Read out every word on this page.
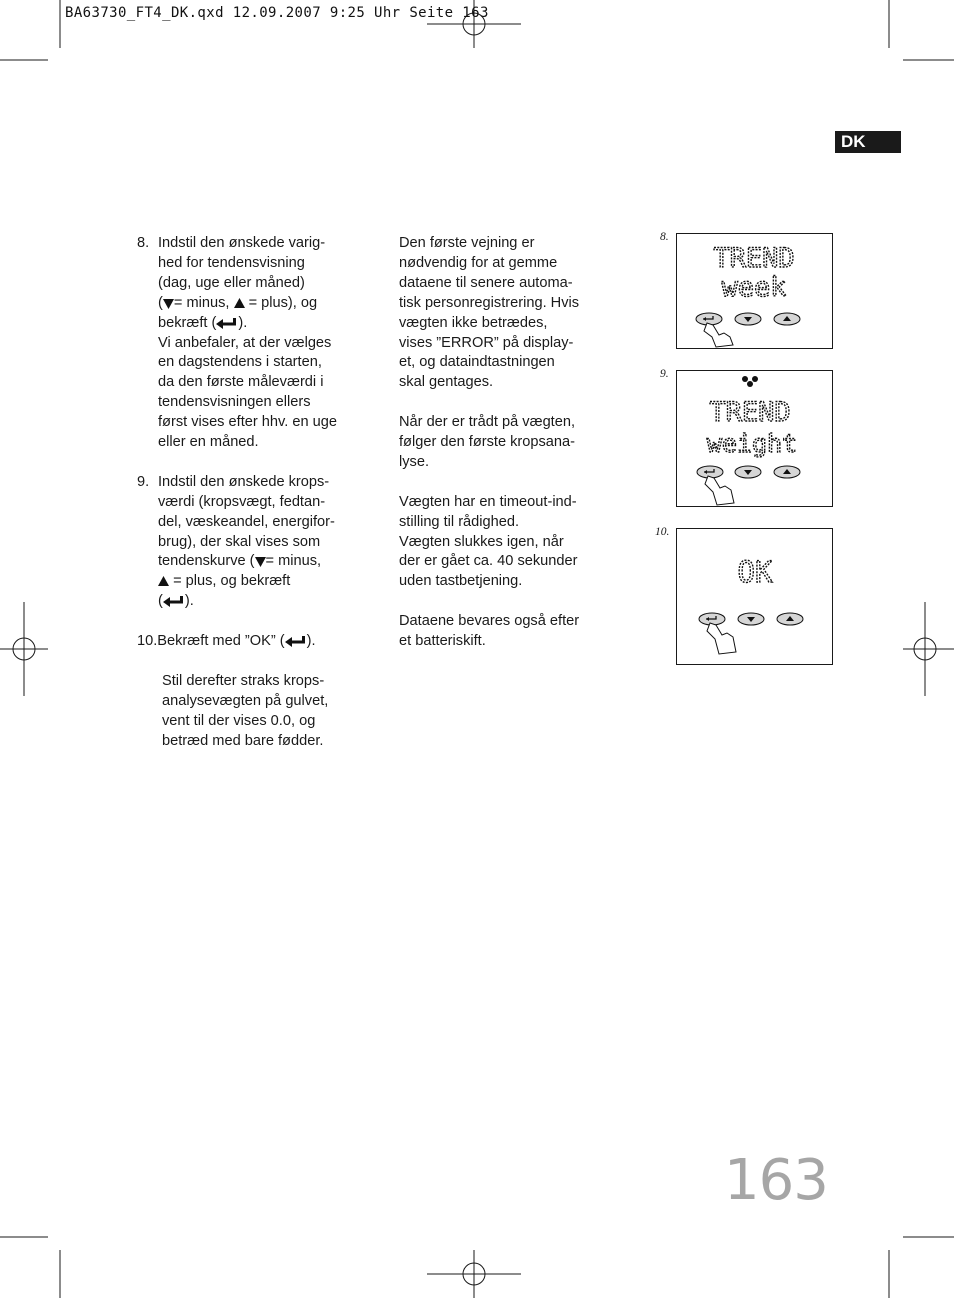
BA63730_FT4_DK.qxd 12.09.2007 9:25 Uhr Seite 163
DK
8. Indstil den ønskede varig-
hed for tendensvisning
(dag, uge eller måned)
( = minus, = plus), og
bekræft ( ).
Vi anbefaler, at der vælges
en dagstendens i starten,
da den første måleværdi i
tendensvisningen ellers
først vises efter hhv. en uge
eller en måned.
9. Indstil den ønskede krops-
værdi (kropsvægt, fedtan-
del, væskeandel, energifor-
brug), der skal vises som
tendenskurve ( = minus,
= plus, og bekræft
( ).
10.Bekræft med ”OK” ( ).
Stil derefter straks krops-
analysevægten på gulvet,
vent til der vises 0.0, og
betræd med bare fødder.

Den første vejning er
nødvendig for at gemme
dataene til senere automa-
tisk personregistrering. Hvis
vægten ikke betrædes,
vises ”ERROR” på display-
et, og dataindtastningen
skal gentages.

Når der er trådt på vægten,
følger den første kropsana-
lyse.

Vægten har en timeout-ind-
stilling til rådighed.
Vægten slukkes igen, når
der er gået ca. 40 sekunder
uden tastbetjening.

Dataene bevares også efter
et batteriskift.

8.
9.
10.
TREND
week
TREND
weight
OK
163
